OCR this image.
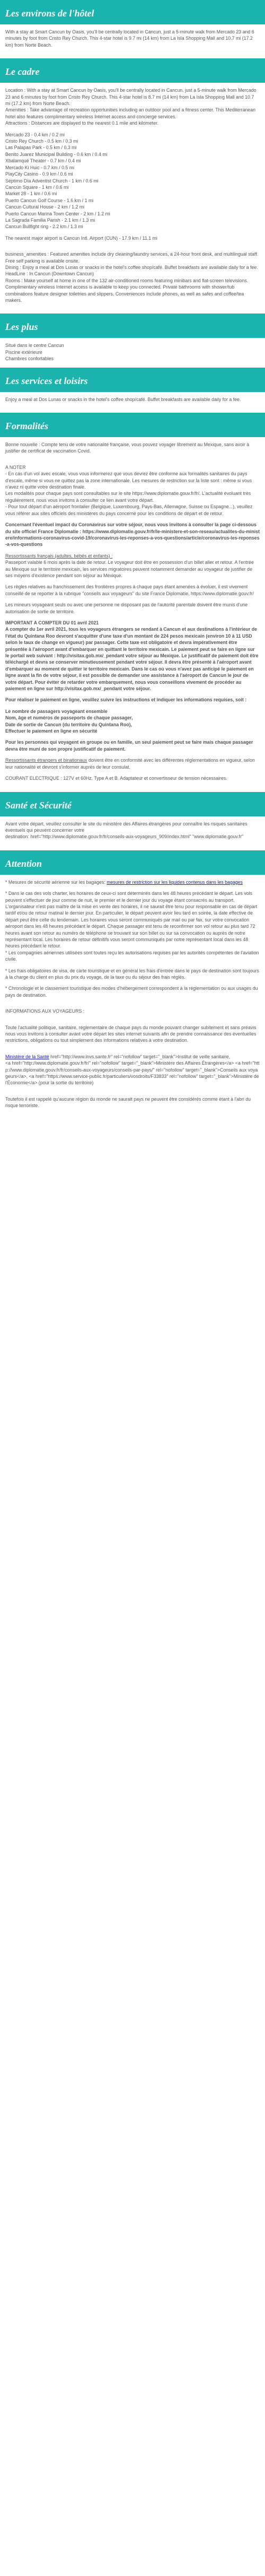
Les environs de l'hôtel

With a stay at Smart Cancun by Oasis, you'll be centrally located in Cancun, just a 5-minute walk from Mercado 23 and 6 minutes by foot from Cristo Rey Church. This 4-star hotel is 9.7 mi (14 km) from La Isla Shopping Mall and 10.7 mi (17.2 km) from Norte Beach.

Le cadre

Location : With a stay at Smart Cancun by Oasis, you'll be centrally located in Cancun, just a 5-minute walk from Mercado 23 and 6 minutes by foot from Cristo Rey Church. This 4-star hotel is 8.7 mi (14 km) from La Isla Shopping Mall and 10.7 mi (17.2 km) from Norte Beach.
Amenities : Take advantage of recreation opportunities including an outdoor pool and a fitness center. This Mediterranean hotel also features complimentary wireless Internet access and concierge services.
Attractions : Distances are displayed to the nearest 0.1 mile and kilometer.

Mercado 23 - 0.4 km / 0.2 mi
Cristo Rey Church - 0.5 km / 0.3 mi
Las Palapas Park - 0.5 km / 0.3 mi
Benito Juarez Municipal Building - 0.6 km / 0.4 mi
Xbalamqué Theater - 0.7 km / 0.4 mi
Mercado Ki Huic - 0.7 km / 0.5 mi
PlayCity Casino - 0.9 km / 0.6 mi
Séptimo Día Adventist Church - 1 km / 0.6 mi
Cancún Square - 1 km / 0.6 mi
Market 28 - 1 km / 0.6 mi
Puerto Cancun Golf Course - 1.6 km / 1 mi
Cancun Cultural House - 2 km / 1.2 mi
Puerto Cancun Marina Town Center - 2 km / 1.2 mi
La Sagrada Familia Parish - 2.1 km / 1.3 mi
Cancun Bullfight ring - 2.2 km / 1.3 mi

The nearest major airport is Cancun Intl. Airport (CUN) - 17.9 km / 11.1 mi

business_amenities : Featured amenities include dry cleaning/laundry services, a 24-hour front desk, and multilingual staff. Free self parking is available onsite.
Dining : Enjoy a meal at Dos Lunas or snacks in the hotel's coffee shop/café. Buffet breakfasts are available daily for a fee.
HeadLine : In Cancun (Downtown Cancun)
Rooms : Make yourself at home in one of the 132 air-conditioned rooms featuring minibars and flat-screen televisions. Complimentary wireless Internet access is available to keep you connected. Private bathrooms with shower/tub combinations feature designer toiletries and slippers. Conveniences include phones, as well as safes and coffee/tea makers.

Les plus
Situé dans le centre Cancun
Piscine extérieure
Chambres confortables
Les services et loisirs

Enjoy a meal at Dos Lunas or snacks in the hotel's coffee shop/café. Buffet breakfasts are available daily for a fee.

Formalités

Bonne nouvelle : Compte tenu de votre nationalité française, vous pouvez voyager librement au Mexique, sans avoir à justifier de certificat de vaccination Covid.

A NOTER

- En cas d'un vol avec escale, vous vous informerez que vous devrez être conforme aux formalités sanitaires du pays d'escale, même si vous ne quittez pas la zone internationale. Les mesures de restriction sur la liste sont : même si vous n'avez ni quitte votre destination finale.
Les modalités pour chaque pays sont consultables sur le site https://www.diplomatie.gouv.fr/fr/. L'actualité évoluant très régulièrement, nous vous invitons à consulter ce lien avant votre départ.
- Pour tout départ d'un aéroport frontalier (Belgique, Luxembourg, Pays-Bas, Allemagne, Suisse ou Espagne...), veuillez vous référer aux sites officiels des ministères du pays concerné pour les conditions de départ et de retour.

Concernant l'éventuel impact du Coronavirus sur votre séjour, nous vous invitons à consulter la page ci-dessous du site officiel France Diplomatie : https://www.diplomatie.gouv.fr/fr/le-ministere-et-son-reseau/actualites-du-ministere/informations-coronavirus-covid-19/coronavirus-les-reponses-a-vos-questions/article/coronavirus-les-reponses-a-vos-questions

Ressortissants français (adultes, bébés et enfants) :

Passeport valable 6 mois après la date de retour. Le voyageur doit être en possession d'un billet aller et retour. A l'entrée au Mexique sur le territoire mexicain, les services migratoires peuvent notamment demander au voyageur de justifier de ses moyens d'existence pendant son séjour au Mexique.

Les règles relatives au franchissement des frontières propres à chaque pays étant amenées à évoluer, il est vivement conseillé de se reporter à la rubrique "conseils aux voyageurs" du site France Diplomatie, https://www.diplomatie.gouv.fr/

Les mineurs voyageant seuls ou avec une personne ne disposant pas de l'autorité parentale doivent être munis d'une autorisation de sortie de territoire.

IMPORTANT A COMPTER DU 01 avril 2021
A compter du 1er avril 2021, tous les voyageurs étrangers se rendant à Cancun et aux destinations à l'intérieur de l'état du Quintana Roo devront s'acquitter d'une taxe d'un montant de 224 pesos mexicain (environ 10 à 11 USD selon le taux de change en vigueur) par passager. Cette taxe est obligatoire et devra impérativement être présentée à l'aéroport avant d'embarquer en quittant le territoire mexicain. Le paiement peut se faire en ligne sur le portail web suivant : http://visitax.gob.mx/_pendant votre séjour au Mexique. Le justificatif de paiement doit être téléchargé et devra se conserver minutieusement pendant votre séjour. Il devra être présenté à l'aéroport avant d'embarquer au moment de quitter le territoire mexicain. Dans le cas où vous n'avez pas anticipé le paiement en ligne avant la fin de votre séjour, il est possible de demander une assistance à l'aéroport de Cancun le jour de votre départ. Pour éviter de retarder votre embarquement, nous vous conseillons vivement de procéder au paiement en ligne sur http://visitax.gob.mx/_pendant votre séjour.

Pour réaliser le paiement en ligne, veuillez suivre les instructions et indiquer les informations requises, soit :

Le nombre de passagers voyageant ensemble
Nom, âge et numéros de passeports de chaque passager,
Date de sortie de Cancun (du territoire du Quintana Roo),
Effectuer le paiement en ligne en sécurité

Pour les personnes qui voyagent en groupe ou en famille, un seul paiement peut se faire mais chaque passager devra être muni de son propre justificatif de paiement.

Ressortissants étrangers et binationaux doivent être en conformité avec les différentes réglementations en vigueur, selon leur nationalité et devront s'informer auprès de leur consulat.

COURANT ELECTRIQUE : 127V et 60Hz. Type A et B. Adaptateur et convertisseur de tension nécessaires.

Santé et Sécurité

Avant votre départ, veuillez consulter le site du ministère des Affaires étrangères pour connaître les risques sanitaires éventuels qui peuvent concerner votre
destination: href="http://www.diplomatie.gouv.fr/fr/conseils-aux-voyageurs_909/index.html" "www.diplomatie.gouv.fr"

Attention

* Mesures de sécurité aérienne sur les bagages: mesures de restriction sur les liquides contenus dans les bagages

* Dans le cas des vols charter, les horaires de ceux-ci sont déterminés dans les 48 heures précédant le départ. Les vols peuvent s'effectuer de jour comme de nuit, le premier et le dernier jour du voyage étant consacrés au transport. L'organisateur n'est pas maître de la mise en vente des horaires, il ne saurait être tenu pour responsable en cas de départ tardif et/ou de retour matinal le dernier jour. En particulier, le départ peuvent avoir lieu tard en soirée, la date effective de départ peut être celle du lendemain. Les horaires vous seront communiqués par mail ou par fax, sur votre convocation aéroport dans les 48 heures précédant le départ. Chaque passager est tenu de reconfirmer son vol retour au plus tard 72 heures avant son retour au numéro de téléphone se trouvant sur son billet ou sur sa convocation ou auprès de notre représentant local. Les horaires de retour définitifs vous seront communiqués par notre représentant local dans les 48 heures précédant le retour.
* Les compagnies aériennes utilisées sont toutes reçu les autorisations requises par les autorités compétentes de l'aviation civile.

* Les frais obligatoires de visa, de carte touristique et en général les frais d'entrée dans le pays de destination sont toujours à la charge du client en plus du prix du voyage, de la taxe ou du séjour des frais réglés.

* Chronologie et le classement touristique des modes d'hébergement correspondent à la réglementation ou aux usages du pays de destination.

INFORMATIONS AUX VOYAGEURS :

Toute l'actualité politique, sanitaire, réglementaire de chaque pays du monde pouvant changer subitement et sans préavis
nous vous invitons à consulter avant votre départ les sites internet suivants afin de prendre connaissance des éventuelles restrictions, obligations ou tout simplement des informations relatives à votre destination.

Ministère de la Santé href="http://www.invs.sante.fr" rel="nofollow" target="_blank">Institut de veille sanitaire,
<a href="http://www.diplomatie.gouv.fr/fr/" rel="nofollow" target="_blank">Ministère des Affaires Étrangères</a> <a href="http://www.diplomatie.gouv.fr/fr/conseils-aux-voyageurs/conseils-par-pays/" rel="nofollow" target="_blank">Conseils aux voyageurs</a>, <a href="https://www.service-public.fr/particuliers/vosdroits/F33833" rel="nofollow" target="_blank">Ministère de l'Économie</a> (pour la sortie du territoire)

Toutefois il est rappelé qu'aucune région du monde ne saurait pays ne peuvent être considérés comme étant à l'abri du risque terroriste.
